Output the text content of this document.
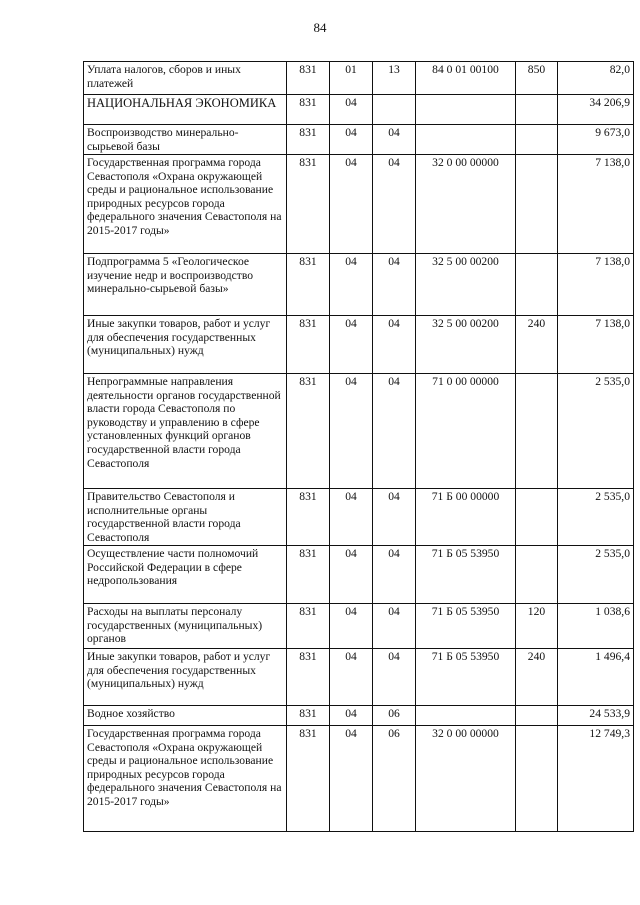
84
Уплата налогов, сборов и иных платежей	831	01	13	84 0 01 00100	850	82,0
НАЦИОНАЛЬНАЯ ЭКОНОМИКА	831	04				34 206,9
Воспроизводство минерально-сырьевой базы	831	04	04			9 673,0
Государственная программа города Севастополя «Охрана окружающей среды и рациональное использование природных ресурсов города федерального значения Севастополя на 2015-2017 годы»	831	04	04	32 0 00 00000		7 138,0
Подпрограмма 5 «Геологическое изучение недр и воспроизводство минерально-сырьевой базы»	831	04	04	32 5 00 00200		7 138,0
Иные закупки товаров, работ и услуг для обеспечения государственных (муниципальных) нужд	831	04	04	32 5 00 00200	240	7 138,0
Непрограммные направления деятельности органов государственной власти города Севастополя по руководству и управлению в сфере установленных функций органов государственной власти города Севастополя	831	04	04	71 0 00 00000		2 535,0
Правительство Севастополя и исполнительные органы государственной власти города Севастополя	831	04	04	71 Б 00 00000		2 535,0
Осуществление части полномочий Российской Федерации в сфере недропользования	831	04	04	71 Б 05 53950		2 535,0
Расходы на выплаты персоналу государственных (муниципальных) органов	831	04	04	71 Б 05 53950	120	1 038,6
Иные закупки товаров, работ и услуг для обеспечения государственных (муниципальных) нужд	831	04	04	71 Б 05 53950	240	1 496,4
Водное хозяйство	831	04	06			24 533,9
Государственная программа города Севастополя «Охрана окружающей среды и рациональное использование природных ресурсов города федерального значения Севастополя на 2015-2017 годы»	831	04	06	32 0 00 00000		12 749,3
